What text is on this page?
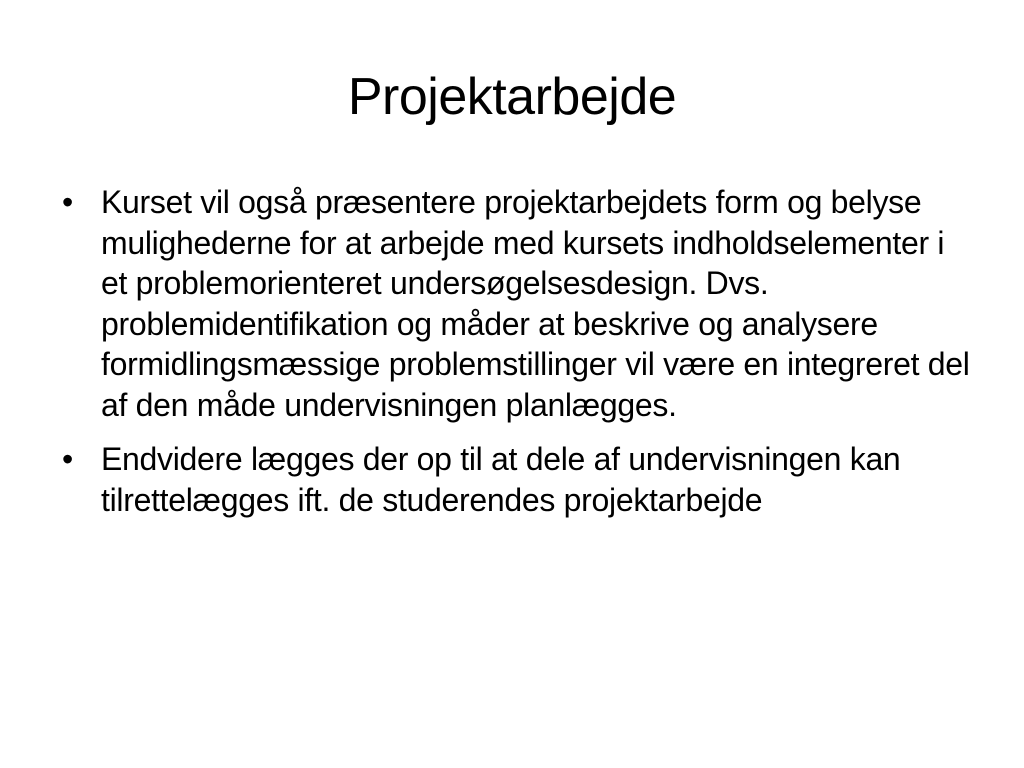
Projektarbejde
• Kurset vil også præsentere projektarbejdets form og belyse mulighederne for at arbejde med kursets indholdselementer i et problemorienteret undersøgelsesdesign. Dvs. problemidentifikation og måder at beskrive og analysere formidlingsmæssige problemstillinger vil være en integreret del af den måde undervisningen planlægges.
• Endvidere lægges der op til at dele af undervisningen kan tilrettelægges ift. de studerendes projektarbejde
